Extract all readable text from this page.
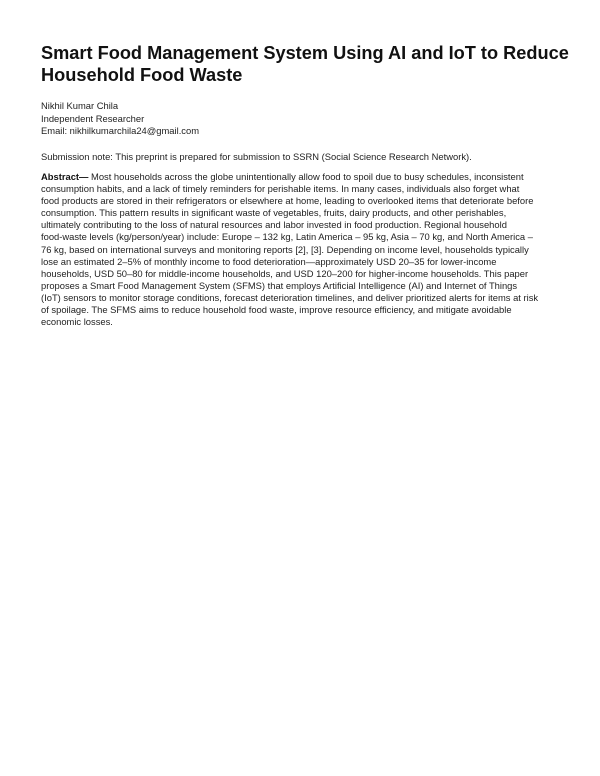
Smart Food Management System Using AI and IoT to Reduce
Household Food Waste
Nikhil Kumar Chila
Independent Researcher
Email: nikhilkumarchila24@gmail.com
Submission note: This preprint is prepared for submission to SSRN (Social Science Research Network).
Abstract— Most households across the globe unintentionally allow food to spoil due to busy schedules, inconsistent
consumption habits, and a lack of timely reminders for perishable items. In many cases, individuals also forget what
food products are stored in their refrigerators or elsewhere at home, leading to overlooked items that deteriorate before
consumption. This pattern results in significant waste of vegetables, fruits, dairy products, and other perishables,
ultimately contributing to the loss of natural resources and labor invested in food production. Regional household
food-waste levels (kg/person/year) include: Europe – 132 kg, Latin America – 95 kg, Asia – 70 kg, and North America –
76 kg, based on international surveys and monitoring reports [2], [3]. Depending on income level, households typically
lose an estimated 2–5% of monthly income to food deterioration—approximately USD 20–35 for lower-income
households, USD 50–80 for middle-income households, and USD 120–200 for higher-income households. This paper
proposes a Smart Food Management System (SFMS) that employs Artificial Intelligence (AI) and Internet of Things
(IoT) sensors to monitor storage conditions, forecast deterioration timelines, and deliver prioritized alerts for items at risk
of spoilage. The SFMS aims to reduce household food waste, improve resource efficiency, and mitigate avoidable
economic losses.
